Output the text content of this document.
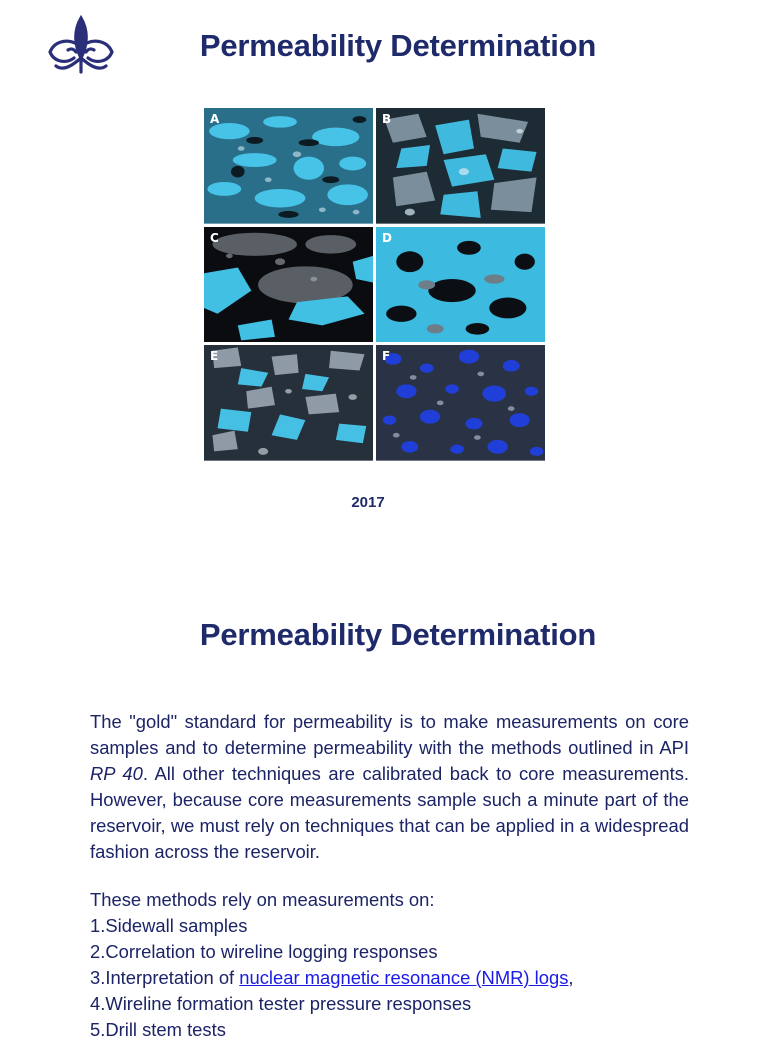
Permeability Determination
A	B
C	D
E	F
2017
Permeability Determination

The "gold" standard for permeability is to make measurements on core samples and to determine permeability with the methods outlined in API RP 40. All other techniques are calibrated back to core measurements. However, because core measurements sample such a minute part of the reservoir, we must rely on techniques that can be applied in a widespread fashion across the reservoir.

These methods rely on measurements on:
1.Sidewall samples
2.Correlation to wireline logging responses
3.Interpretation of nuclear magnetic resonance (NMR) logs,
4.Wireline formation tester pressure responses
5.Drill stem tests
